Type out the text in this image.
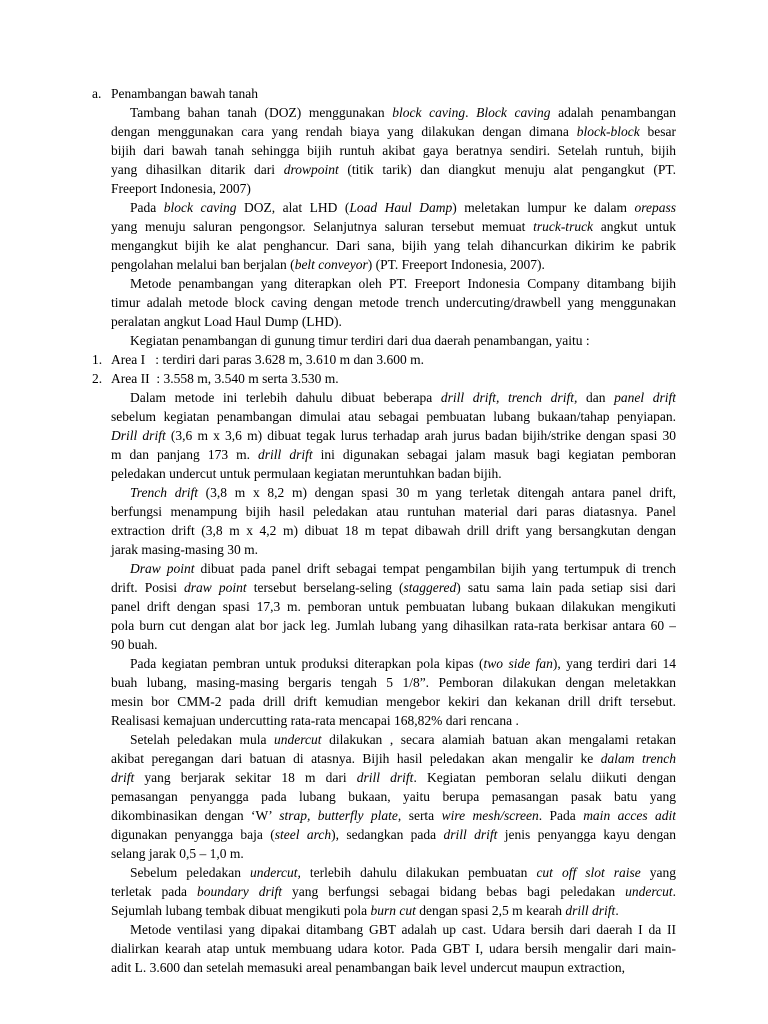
a. Penambangan bawah tanah
Tambang bahan tanah (DOZ) menggunakan block caving. Block caving adalah penambangan
dengan menggunakan cara yang rendah biaya yang dilakukan dengan dimana block-block besar
bijih dari bawah tanah sehingga bijih runtuh akibat gaya beratnya sendiri. Setelah runtuh, bijih
yang dihasilkan ditarik dari drowpoint (titik tarik) dan diangkut menuju alat pengangkut (PT.
Freeport Indonesia, 2007)
Pada block caving DOZ, alat LHD (Load Haul Damp) meletakan lumpur ke dalam orepass
yang menuju saluran pengongsor. Selanjutnya saluran tersebut memuat truck-truck angkut untuk
mengangkut bijih ke alat penghancur. Dari sana, bijih yang telah dihancurkan dikirim ke pabrik
pengolahan melalui ban berjalan (belt conveyor) (PT. Freeport Indonesia, 2007).
Metode penambangan yang diterapkan oleh PT. Freeport Indonesia Company ditambang bijih
timur adalah metode block caving dengan metode trench undercuting/drawbell yang menggunakan
peralatan angkut Load Haul Dump (LHD).
Kegiatan penambangan di gunung timur terdiri dari dua daerah penambangan, yaitu :
1. Area I   : terdiri dari paras 3.628 m, 3.610 m dan 3.600 m.
2. Area II  : 3.558 m, 3.540 m serta 3.530 m.
Dalam metode ini terlebih dahulu dibuat beberapa drill drift, trench drift, dan panel drift
sebelum kegiatan penambangan dimulai atau sebagai pembuatan lubang bukaan/tahap penyiapan.
Drill drift (3,6 m x 3,6 m) dibuat tegak lurus terhadap arah jurus badan bijih/strike dengan spasi 30
m dan panjang 173 m. drill drift ini digunakan sebagai jalam masuk bagi kegiatan pemboran
peledakan undercut untuk permulaan kegiatan meruntuhkan badan bijih.
Trench drift (3,8 m x 8,2 m) dengan spasi 30 m yang terletak ditengah antara panel drift,
berfungsi menampung bijih hasil peledakan atau runtuhan material dari paras diatasnya. Panel
extraction drift (3,8 m x 4,2 m) dibuat 18 m tepat dibawah drill drift yang bersangkutan dengan
jarak masing-masing 30 m.
Draw point dibuat pada panel drift sebagai tempat pengambilan bijih yang tertumpuk di trench
drift. Posisi draw point tersebut berselang-seling (staggered) satu sama lain pada setiap sisi dari
panel drift dengan spasi 17,3 m. pemboran untuk pembuatan lubang bukaan dilakukan mengikuti
pola burn cut dengan alat bor jack leg. Jumlah lubang yang dihasilkan rata-rata berkisar antara 60 –
90 buah.
Pada kegiatan pembran untuk produksi diterapkan pola kipas (two side fan), yang terdiri dari 14
buah lubang, masing-masing bergaris tengah 5 1/8”. Pemboran dilakukan dengan meletakkan
mesin bor CMM-2 pada drill drift kemudian mengebor kekiri dan kekanan drill drift tersebut.
Realisasi kemajuan undercutting rata-rata mencapai 168,82% dari rencana .
Setelah peledakan mula undercut dilakukan , secara alamiah batuan akan mengalami retakan
akibat peregangan dari batuan di atasnya. Bijih hasil peledakan akan mengalir ke dalam trench
drift yang berjarak sekitar 18 m dari drill drift. Kegiatan pemboran selalu diikuti dengan
pemasangan penyangga pada lubang bukaan, yaitu berupa pemasangan pasak batu yang
dikombinasikan dengan ‘W’ strap, butterfly plate, serta wire mesh/screen. Pada main acces adit
digunakan penyangga baja (steel arch), sedangkan pada drill drift jenis penyangga kayu dengan
selang jarak 0,5 – 1,0 m.
Sebelum peledakan undercut, terlebih dahulu dilakukan pembuatan cut off slot raise yang
terletak pada boundary drift yang berfungsi sebagai bidang bebas bagi peledakan undercut.
Sejumlah lubang tembak dibuat mengikuti pola burn cut dengan spasi 2,5 m kearah drill drift.
Metode ventilasi yang dipakai ditambang GBT adalah up cast. Udara bersih dari daerah I da II
dialirkan kearah atap untuk membuang udara kotor. Pada GBT I, udara bersih mengalir dari main-
adit L. 3.600 dan setelah memasuki areal penambangan baik level undercut maupun extraction,
